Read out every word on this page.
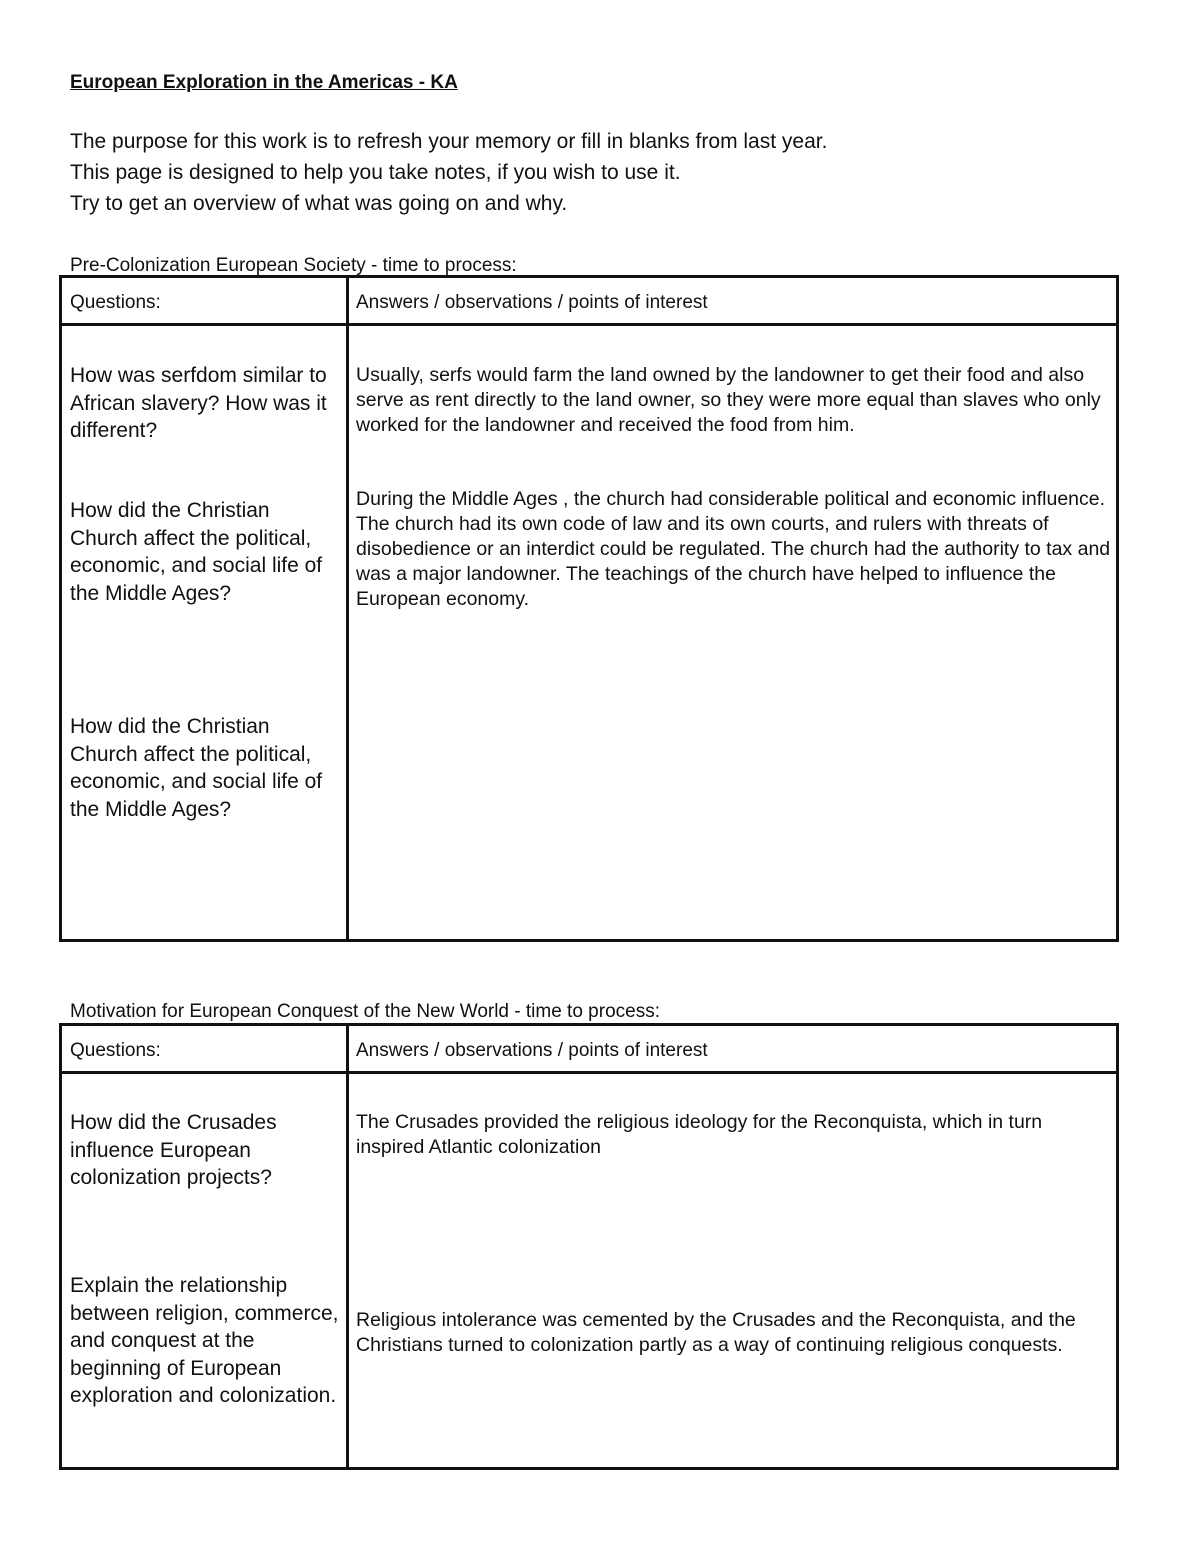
European Exploration in the Americas - KA
The purpose for this work is to refresh your memory or fill in blanks from last year.
This page is designed to help you take notes, if you wish to use it.
Try to get an overview of what was going on and why.
Pre-Colonization European Society - time to process:
Questions:	Answers / observations / points of interest
How was serfdom similar to African slavery? How was it different?
Usually, serfs would farm the land owned by the landowner to get their food and also serve as rent directly to the land owner, so they were more equal than slaves who only worked for the landowner and received the food from him.
How did the Christian Church affect the political, economic, and social life of the Middle Ages?
During the Middle Ages , the church had considerable political and economic influence. The church had its own code of law and its own courts, and rulers with threats of disobedience or an interdict could be regulated. The church had the authority to tax and was a major landowner. The teachings of the church have helped to influence the European economy.
How did the Christian Church affect the political, economic, and social life of the Middle Ages?
Motivation for European Conquest of the New World - time to process:
Questions:	Answers / observations / points of interest
How did the Crusades influence European colonization projects?
The Crusades provided the religious ideology for the Reconquista, which in turn inspired Atlantic colonization
Explain the relationship between religion, commerce, and conquest at the beginning of European exploration and colonization.
Religious intolerance was cemented by the Crusades and the Reconquista, and the Christians turned to colonization partly as a way of continuing religious conquests.
